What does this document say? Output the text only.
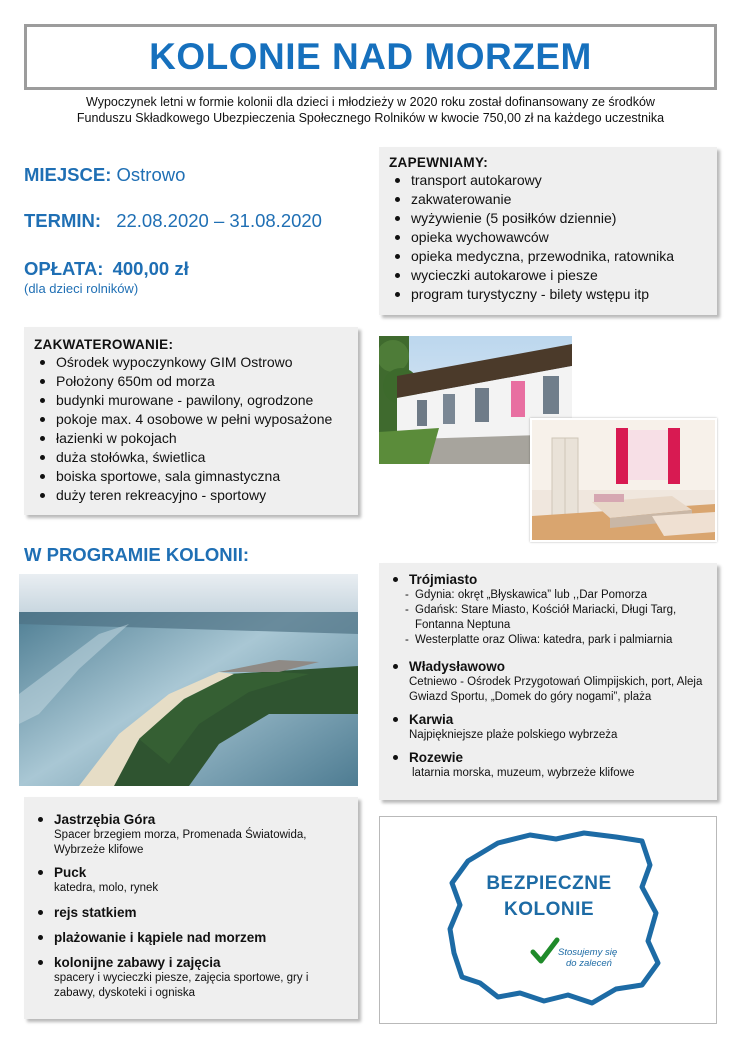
KOLONIE NAD MORZEM
Wypoczynek letni w formie kolonii dla dzieci i młodzieży w 2020 roku został dofinansowany ze środków
Funduszu Składkowego Ubezpieczenia Społecznego Rolników w kwocie 750,00 zł na każdego uczestnika
MIEJSCE: Ostrowo
TERMIN: 22.08.2020 – 31.08.2020
OPŁATA: 400,00 zł
(dla dzieci rolników)
ZAPEWNIAMY:
transport autokarowy
zakwaterowanie
wyżywienie (5 posiłków dziennie)
opieka wychowawców
opieka medyczna, przewodnika, ratownika
wycieczki autokarowe i piesze
program turystyczny - bilety wstępu itp
ZAKWATEROWANIE:
Ośrodek wypoczynkowy GIM Ostrowo
Położony 650m od morza
budynki murowane - pawilony, ogrodzone
pokoje max. 4 osobowe w pełni wyposażone
łazienki w pokojach
duża stołówka, świetlica
boiska sportowe, sala gimnastyczna
duży teren rekreacyjno - sportowy
W PROGRAMIE KOLONII:
Trójmiasto
- Gdynia: okręt „Błyskawica” lub ,,Dar Pomorza
- Gdańsk: Stare Miasto, Kościół Mariacki, Długi Targ, Fontanna Neptuna
- Westerplatte oraz Oliwa: katedra, park i palmiarnia
Władysławowo
Cetniewo - Ośrodek Przygotowań Olimpijskich, port, Aleja Gwiazd Sportu, „Domek do góry nogami”, plaża
Karwia
Najpiękniejsze plaże polskiego wybrzeża
Rozewie
latarnia morska, muzeum, wybrzeże klifowe
Jastrzębia Góra
Spacer brzegiem morza, Promenada Światowida, Wybrzeże klifowe
Puck
katedra, molo, rynek
rejs statkiem
plażowanie i kąpiele nad morzem
kolonijne zabawy i zajęcia
spacery i wycieczki piesze, zajęcia sportowe, gry i zabawy, dyskoteki i ogniska
BEZPIECZNE
KOLONIE
Stosujemy się
do zaleceń
